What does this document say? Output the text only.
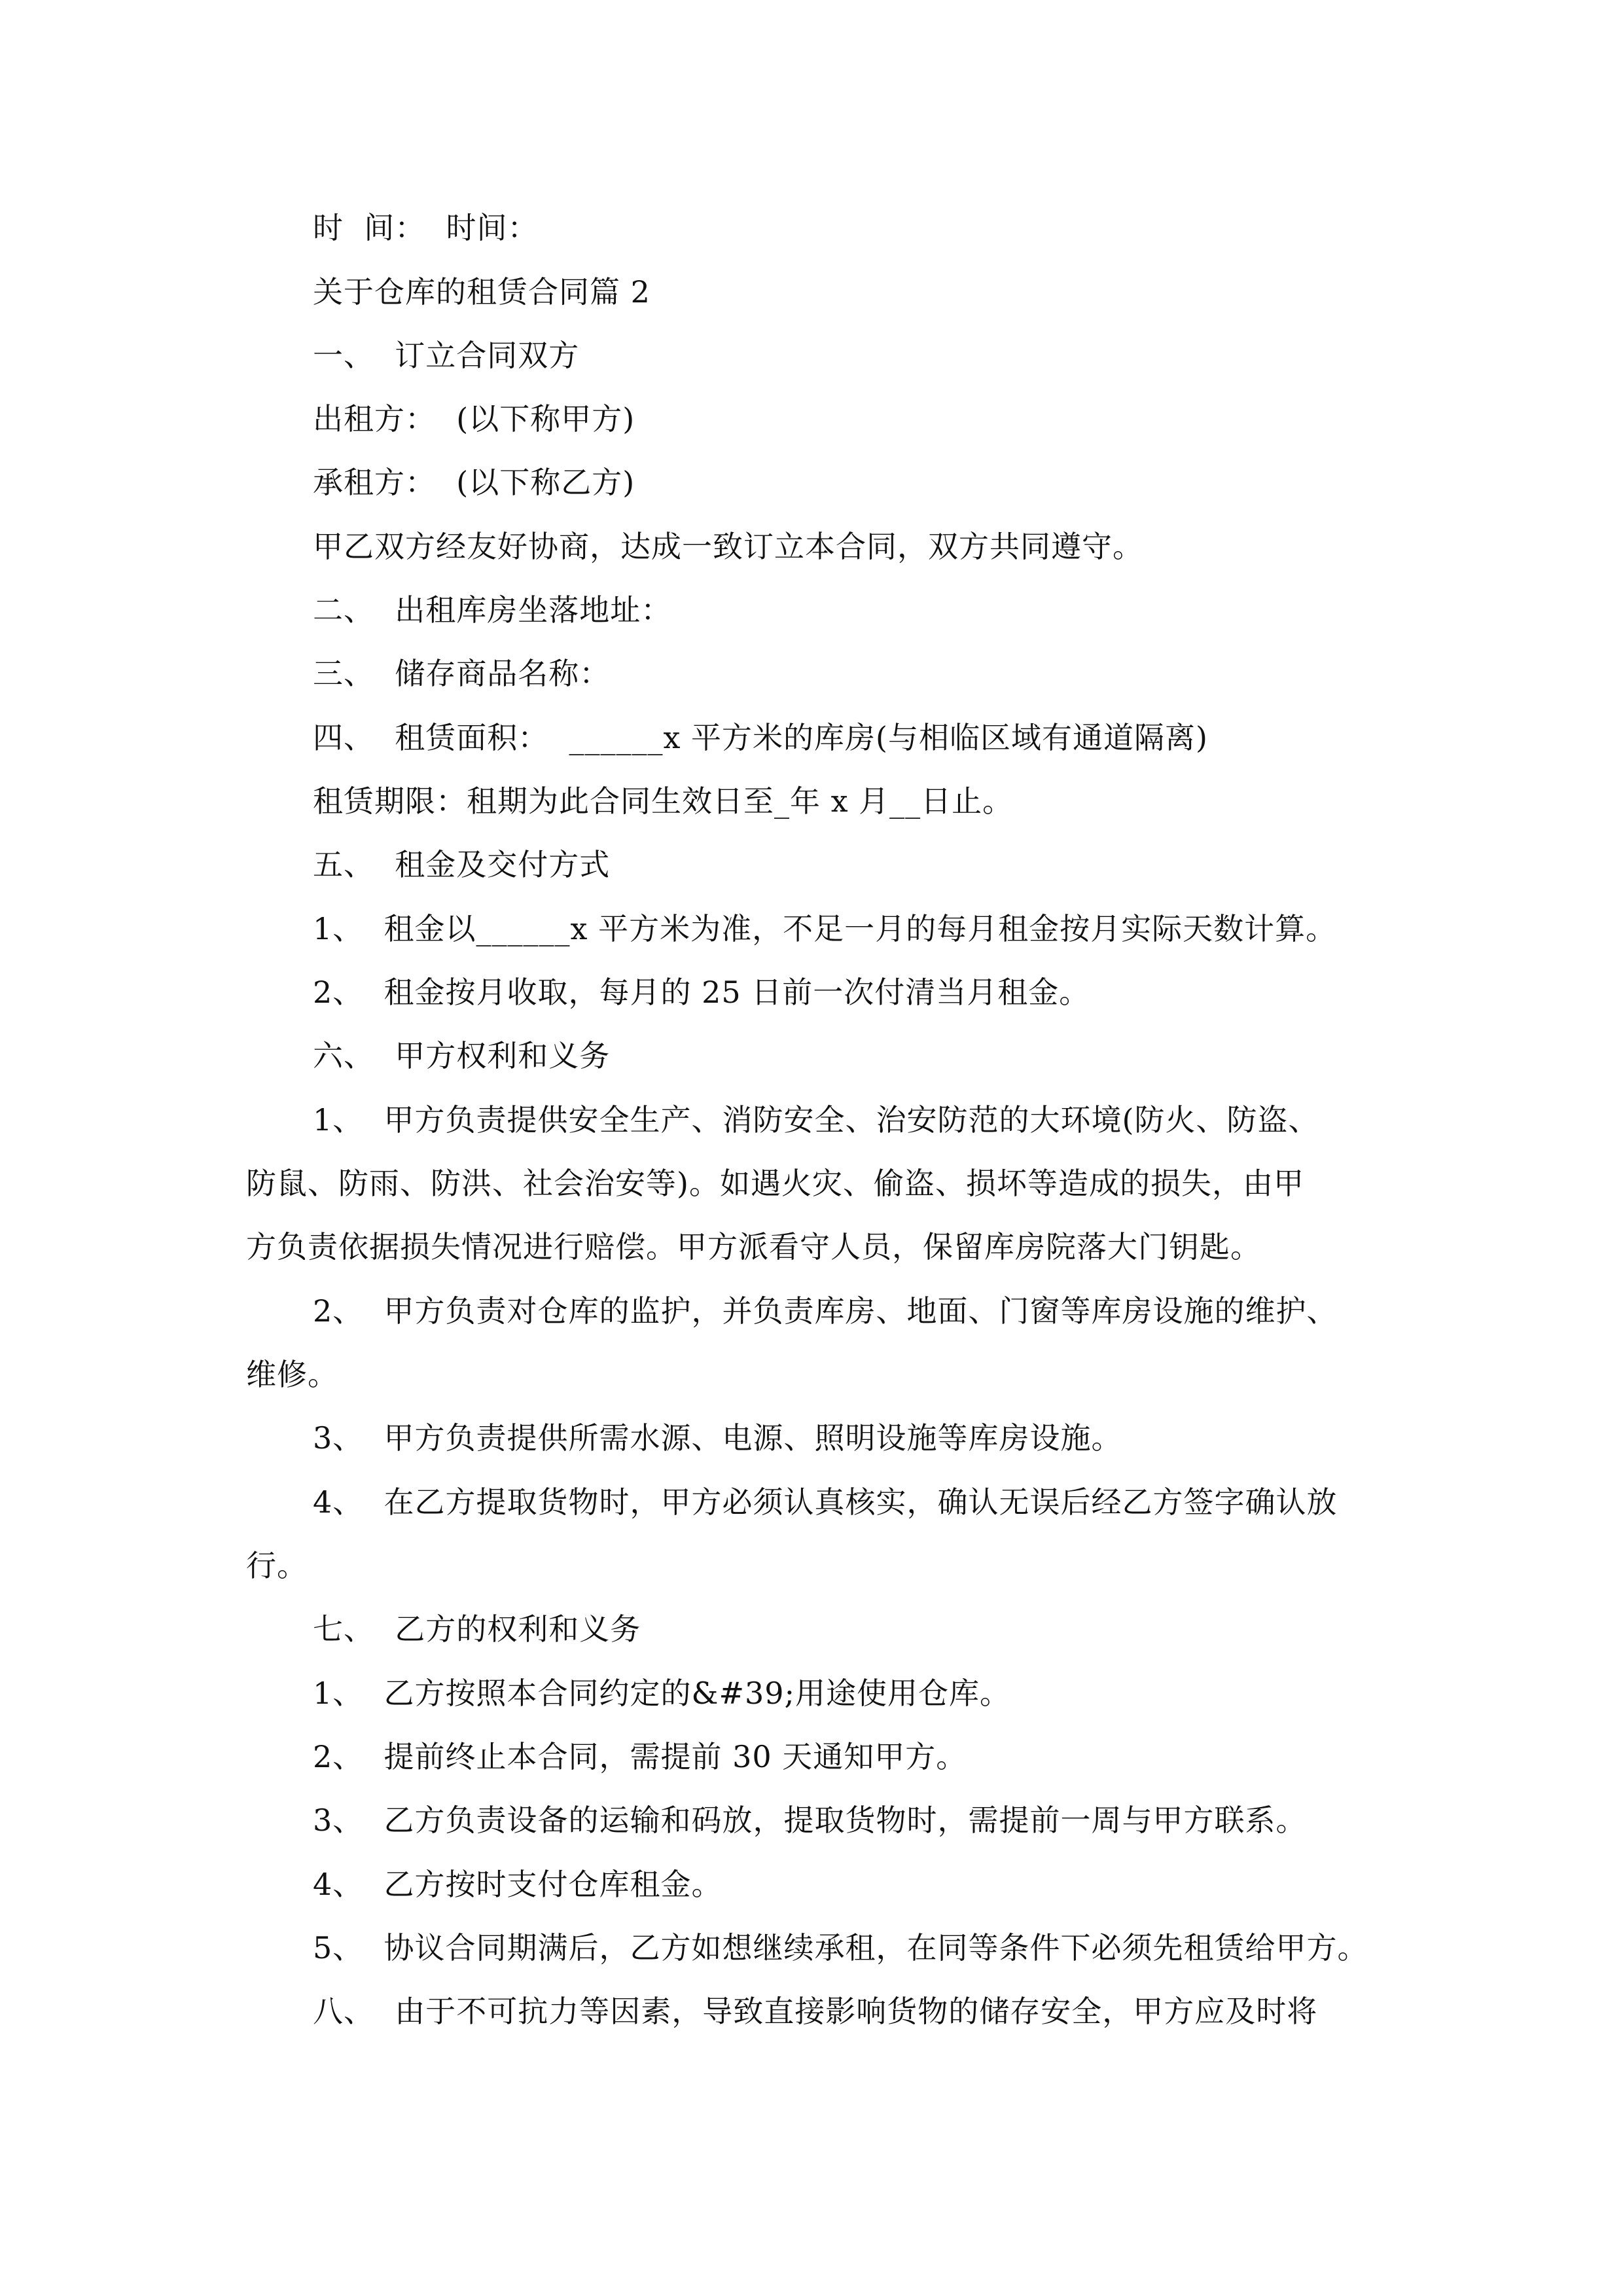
时  间：  时间：
关于仓库的租赁合同篇 2
一、  订立合同双方
出租方：  (以下称甲方)
承租方：  (以下称乙方)
甲乙双方经友好协商，达成一致订立本合同，双方共同遵守。
二、  出租库房坐落地址：
三、  储存商品名称：
四、  租赁面积：  ______x 平方米的库房(与相临区域有通道隔离)
租赁期限：租期为此合同生效日至_年 x 月__日止。
五、  租金及交付方式
1、  租金以______x 平方米为准，不足一月的每月租金按月实际天数计算。
2、  租金按月收取，每月的 25 日前一次付清当月租金。
六、  甲方权利和义务
1、  甲方负责提供安全生产、消防安全、治安防范的大环境(防火、防盗、
防鼠、防雨、防洪、社会治安等)。如遇火灾、偷盗、损坏等造成的损失，由甲
方负责依据损失情况进行赔偿。甲方派看守人员，保留库房院落大门钥匙。
2、  甲方负责对仓库的监护，并负责库房、地面、门窗等库房设施的维护、
维修。
3、  甲方负责提供所需水源、电源、照明设施等库房设施。
4、  在乙方提取货物时，甲方必须认真核实，确认无误后经乙方签字确认放
行。
七、  乙方的权利和义务
1、  乙方按照本合同约定的&#39;用途使用仓库。
2、  提前终止本合同，需提前 30 天通知甲方。
3、  乙方负责设备的运输和码放，提取货物时，需提前一周与甲方联系。
4、  乙方按时支付仓库租金。
5、  协议合同期满后，乙方如想继续承租，在同等条件下必须先租赁给甲方。
八、  由于不可抗力等因素，导致直接影响货物的储存安全，甲方应及时将
